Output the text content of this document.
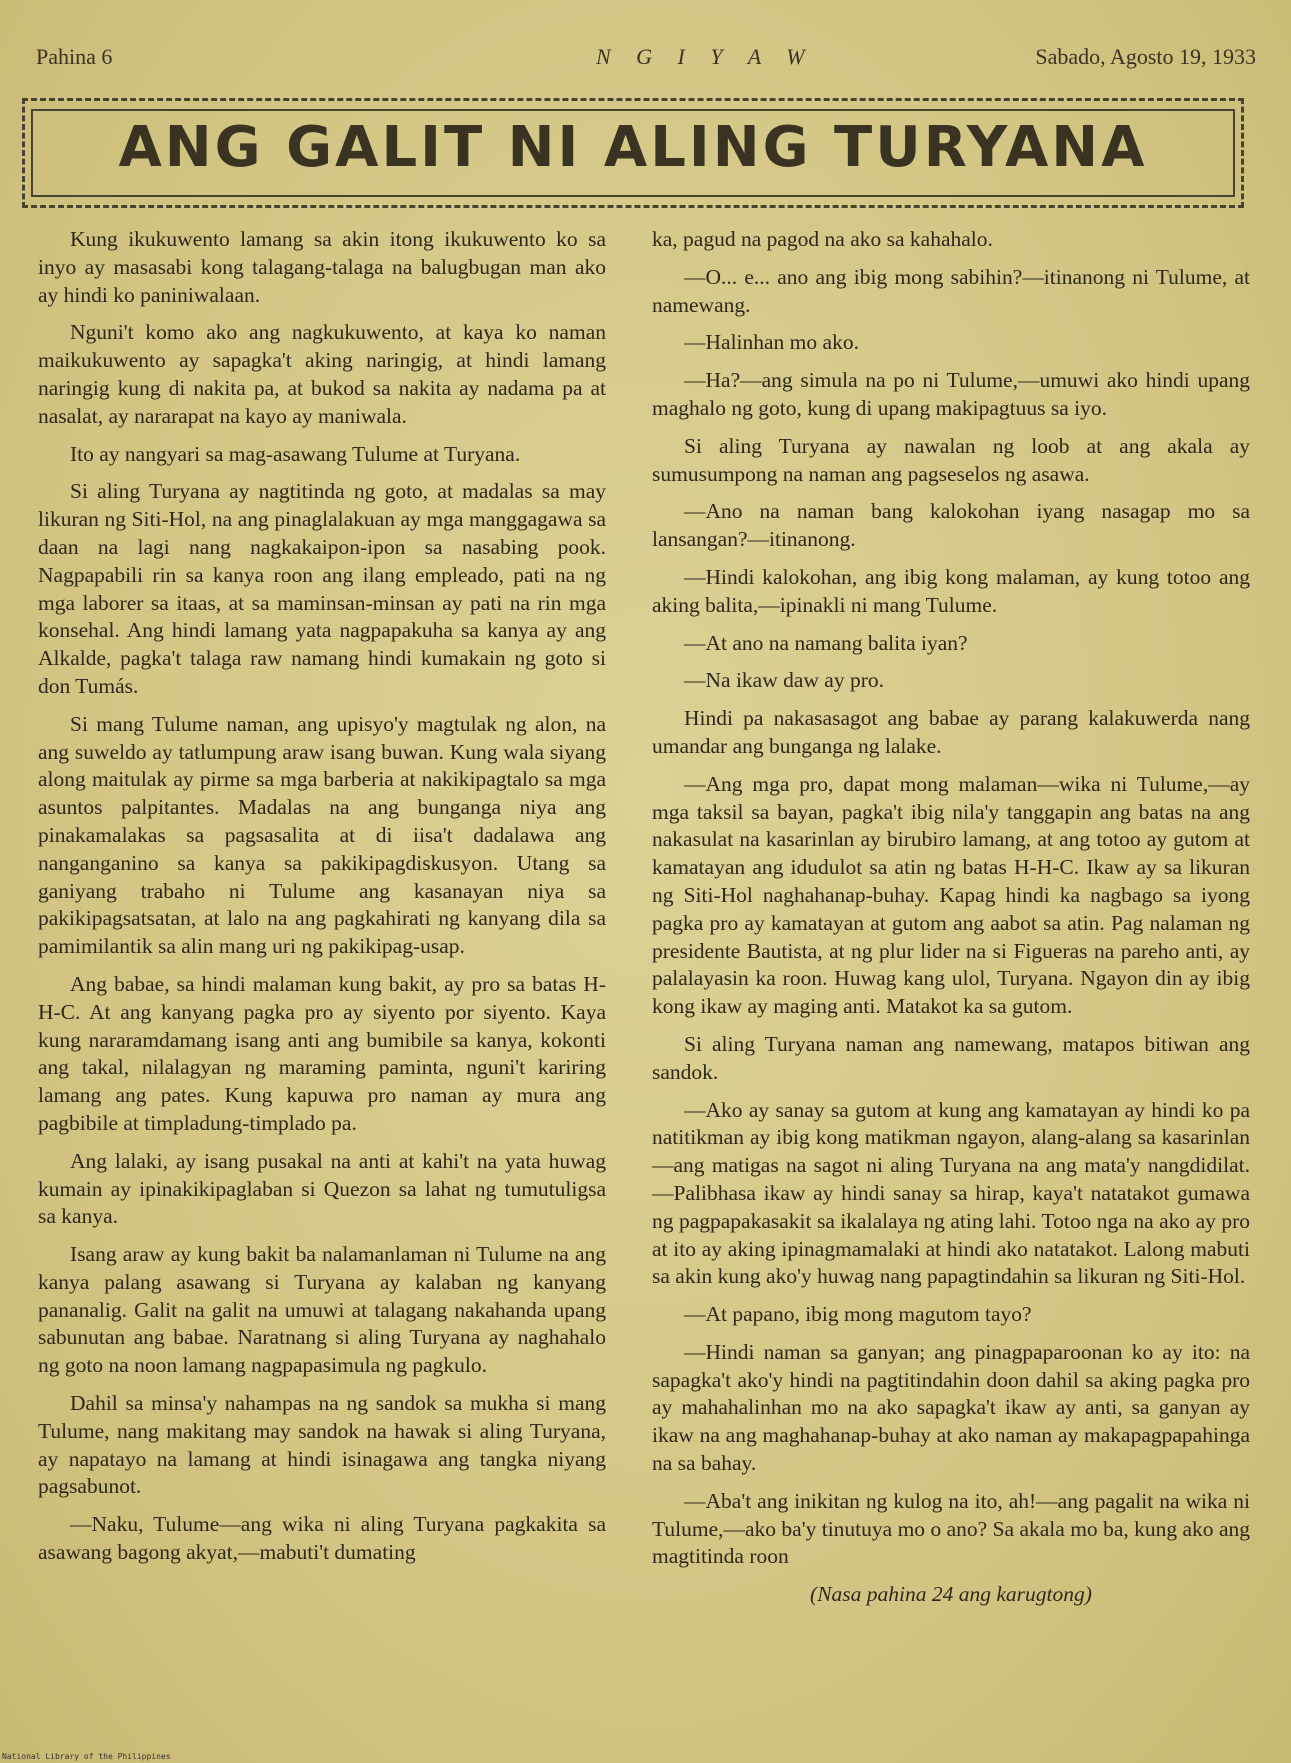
Pahina 6	N G I Y A W	Sabado, Agosto 19, 1933
ANG GALIT NI ALING TURYANA

Kung ikukuwento lamang sa akin itong ikukuwento ko sa inyo ay masasabi kong talagang-talaga na balugbugan man ako ay hindi ko paniniwalaan.

Nguni't komo ako ang nagkukuwento, at kaya ko naman maikukuwento ay sapagka't aking naringig, at hindi lamang naringig kung di nakita pa, at bukod sa nakita ay nadama pa at nasalat, ay nararapat na kayo ay maniwala.

Ito ay nangyari sa mag-asawang Tulume at Turyana.

Si aling Turyana ay nagtitinda ng goto, at madalas sa may likuran ng Siti-Hol, na ang pinaglalakuan ay mga manggagawa sa daan na lagi nang nagkakaipon-ipon sa nasabing pook. Nagpapabili rin sa kanya roon ang ilang empleado, pati na ng mga laborer sa itaas, at sa maminsan-minsan ay pati na rin mga konsehal. Ang hindi lamang yata nagpapakuha sa kanya ay ang Alkalde, pagka't talaga raw namang hindi kumakain ng goto si don Tumás.

Si mang Tulume naman, ang upisyo'y magtulak ng alon, na ang suweldo ay tatlumpung araw isang buwan. Kung wala siyang along maitulak ay pirme sa mga barberia at nakikipagtalo sa mga asuntos palpitantes. Madalas na ang bunganga niya ang pinakamalakas sa pagsasalita at di iisa't dadalawa ang nanganganino sa kanya sa pakikipagdiskusyon. Utang sa ganiyang trabaho ni Tulume ang kasanayan niya sa pakikipagsatsatan, at lalo na ang pagkahirati ng kanyang dila sa pamimilantik sa alin mang uri ng pakikipag-usap.

Ang babae, sa hindi malaman kung bakit, ay pro sa batas H-H-C. At ang kanyang pagka pro ay siyento por siyento. Kaya kung nararamdamang isang anti ang bumibile sa kanya, kokonti ang takal, nilalagyan ng maraming paminta, nguni't kariring lamang ang pates. Kung kapuwa pro naman ay mura ang pagbibile at timpladung-timplado pa.

Ang lalaki, ay isang pusakal na anti at kahi't na yata huwag kumain ay ipinakikipaglaban si Quezon sa lahat ng tumutuligsa sa kanya.

Isang araw ay kung bakit ba nalamanlaman ni Tulume na ang kanya palang asawang si Turyana ay kalaban ng kanyang pananalig. Galit na galit na umuwi at talagang nakahanda upang sabunutan ang babae. Naratnang si aling Turyana ay naghahalo ng goto na noon lamang nagpapasimula ng pagkulo.

Dahil sa minsa'y nahampas na ng sandok sa mukha si mang Tulume, nang makitang may sandok na hawak si aling Turyana, ay napatayo na lamang at hindi isinagawa ang tangka niyang pagsabunot.

—Naku, Tulume—ang wika ni aling Turyana pagkakita sa asawang bagong akyat,—mabuti't dumating

ka, pagud na pagod na ako sa kahahalo.

—O... e... ano ang ibig mong sabihin?—itinanong ni Tulume, at namewang.

—Halinhan mo ako.

—Ha?—ang simula na po ni Tulume,—umuwi ako hindi upang maghalo ng goto, kung di upang makipagtuus sa iyo.

Si aling Turyana ay nawalan ng loob at ang akala ay sumusumpong na naman ang pagseselos ng asawa.

—Ano na naman bang kalokohan iyang nasagap mo sa lansangan?—itinanong.

—Hindi kalokohan, ang ibig kong malaman, ay kung totoo ang aking balita,—ipinakli ni mang Tulume.

—At ano na namang balita iyan?

—Na ikaw daw ay pro.

Hindi pa nakasasagot ang babae ay parang kalakuwerda nang umandar ang bunganga ng lalake.

—Ang mga pro, dapat mong malaman—wika ni Tulume,—ay mga taksil sa bayan, pagka't ibig nila'y tanggapin ang batas na ang nakasulat na kasarinlan ay birubiro lamang, at ang totoo ay gutom at kamatayan ang idudulot sa atin ng batas H-H-C. Ikaw ay sa likuran ng Siti-Hol naghahanap-buhay. Kapag hindi ka nagbago sa iyong pagka pro ay kamatayan at gutom ang aabot sa atin. Pag nalaman ng presidente Bautista, at ng plur lider na si Figueras na pareho anti, ay palalayasin ka roon. Huwag kang ulol, Turyana. Ngayon din ay ibig kong ikaw ay maging anti. Matakot ka sa gutom.

Si aling Turyana naman ang namewang, matapos bitiwan ang sandok.

—Ako ay sanay sa gutom at kung ang kamatayan ay hindi ko pa natitikman ay ibig kong matikman ngayon, alang-alang sa kasarinlan—ang matigas na sagot ni aling Turyana na ang mata'y nangdidilat.—Palibhasa ikaw ay hindi sanay sa hirap, kaya't natatakot gumawa ng pagpapakasakit sa ikalalaya ng ating lahi. Totoo nga na ako ay pro at ito ay aking ipinagmamalaki at hindi ako natatakot. Lalong mabuti sa akin kung ako'y huwag nang papagtindahin sa likuran ng Siti-Hol.

—At papano, ibig mong magutom tayo?

—Hindi naman sa ganyan; ang pinagpaparoonan ko ay ito: na sapagka't ako'y hindi na pagtitindahin doon dahil sa aking pagka pro ay mahahalinhan mo na ako sapagka't ikaw ay anti, sa ganyan ay ikaw na ang maghahanap-buhay at ako naman ay makapagpapahinga na sa bahay.

—Aba't ang inikitan ng kulog na ito, ah!—ang pagalit na wika ni Tulume,—ako ba'y tinutuya mo o ano? Sa akala mo ba, kung ako ang magtitinda roon

(Nasa pahina 24 ang karugtong)
National Library of the Philippines
